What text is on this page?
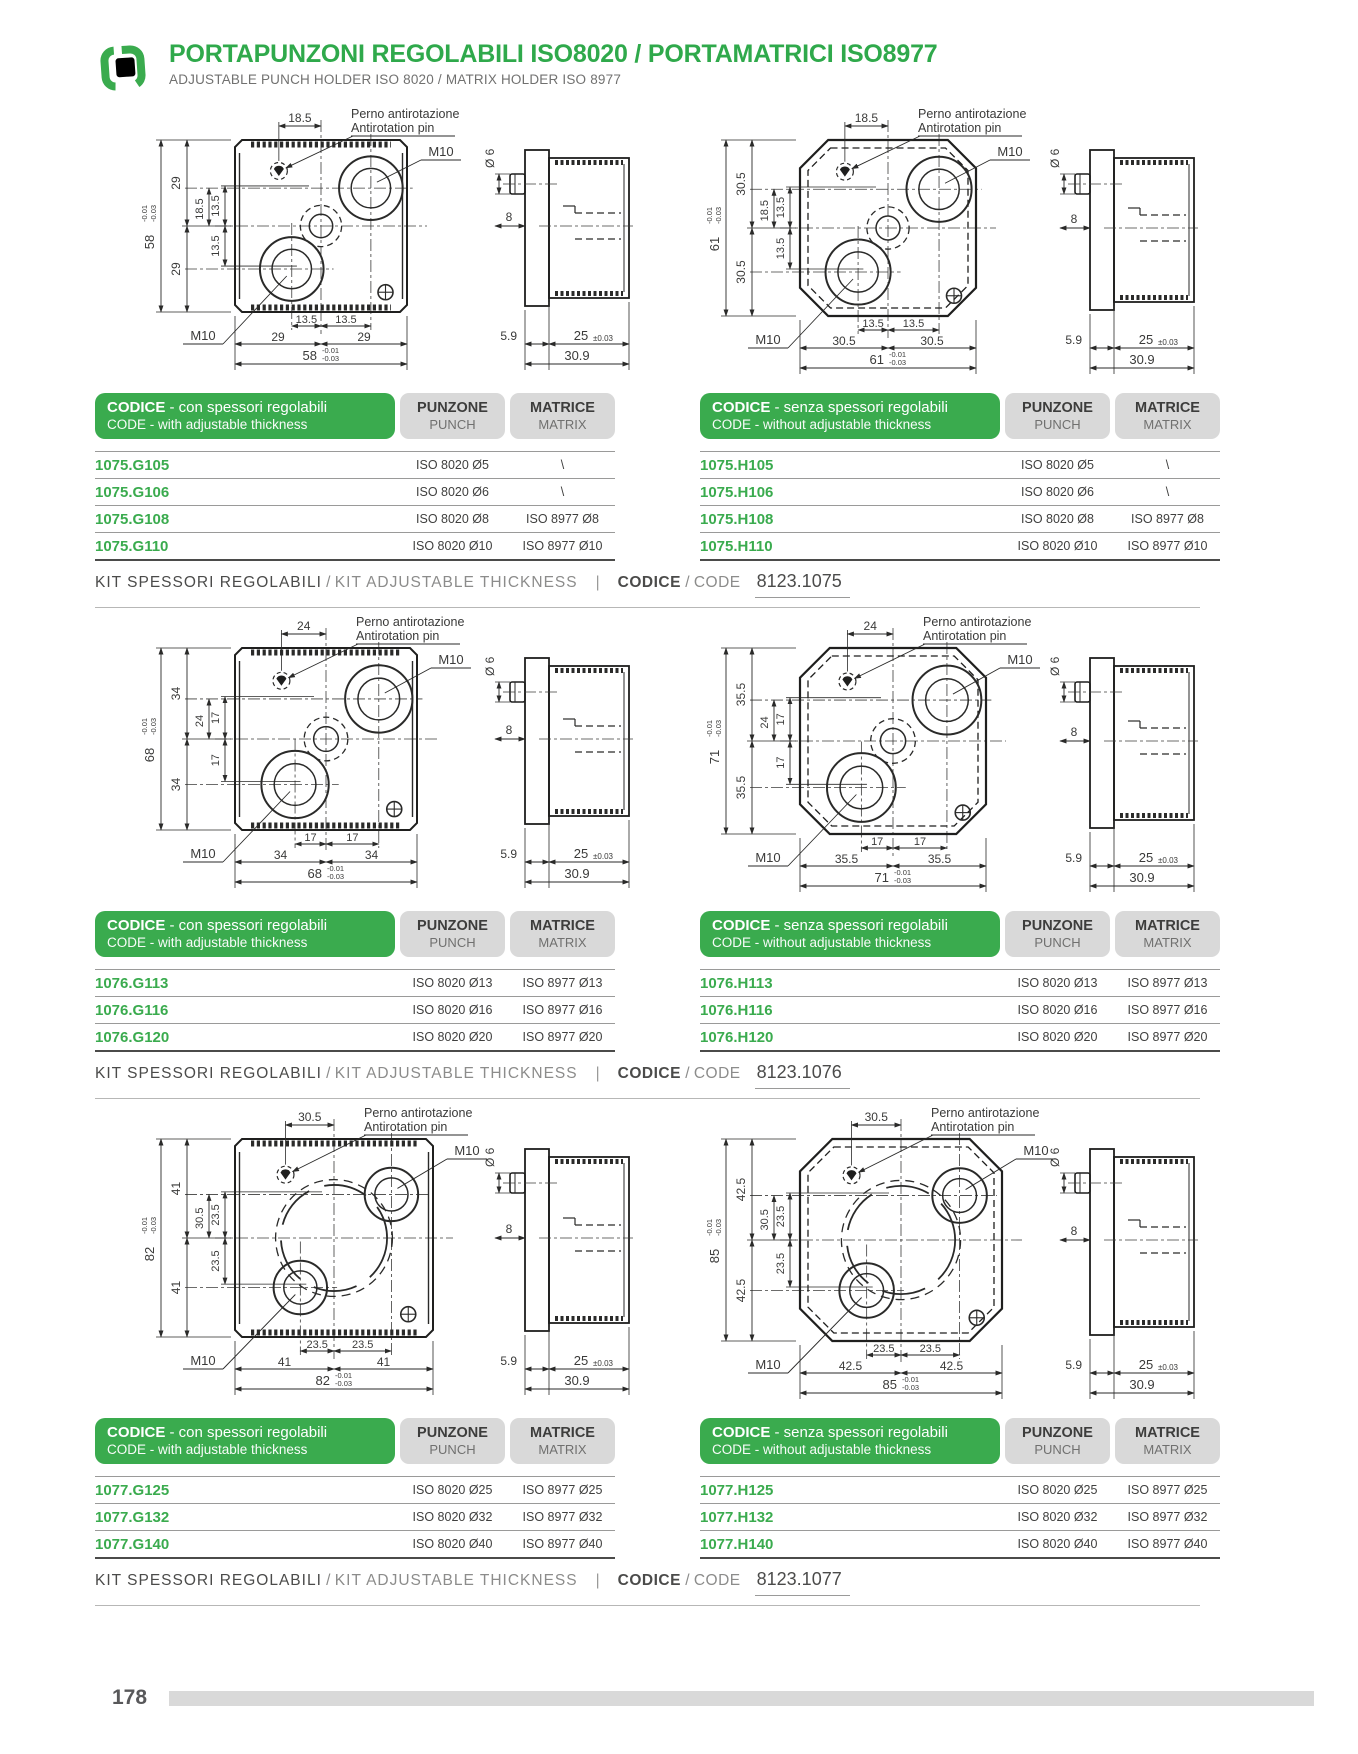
PORTAPUNZONI REGOLABILI ISO8020 / PORTAMATRICI ISO8977
ADJUSTABLE PUNCH HOLDER ISO 8020 / MATRIX HOLDER ISO 8977
58
-0.01 -0.03
29
29
18.5 13.5
13.5
18.5
13.5 13.5
29	29
58 -0.01
-0.03
M10
M10
Perno antirotazione
Antirotation pin
Ø 6
8
5.9	25 ±0.03
30.9
61
-0.01 -0.03
30.5
30.5
18.5 13.5
13.5
18.5
13.5 13.5
30.5	30.5
61 -0.01
-0.03
M10
M10
Perno antirotazione
Antirotation pin
Ø 6
8
5.9	25 ±0.03
30.9
CODICE - con spessori regolabili
CODE - with adjustable thickness
PUNZONE
PUNCH
MATRICE
MATRIX
1075.G105	ISO 8020 Ø5	\
1075.G106	ISO 8020 Ø6	\
1075.G108	ISO 8020 Ø8	ISO 8977 Ø8
1075.G110	ISO 8020 Ø10	ISO 8977 Ø10
CODICE - senza spessori regolabili
CODE - without adjustable thickness
PUNZONE
PUNCH
MATRICE
MATRIX
1075.H105	ISO 8020 Ø5	\
1075.H106	ISO 8020 Ø6	\
1075.H108	ISO 8020 Ø8	ISO 8977 Ø8
1075.H110	ISO 8020 Ø10	ISO 8977 Ø10
KIT SPESSORI REGOLABILI / KIT ADJUSTABLE THICKNESS | CODICE / CODE 8123.1075
68
-0.01 -0.03
34
34
24 17
17
24
17	17
34	34
68 -0.01
-0.03
M10
M10
Perno antirotazione
Antirotation pin
Ø 6
8
5.9	25 ±0.03
30.9
71
-0.01 -0.03
35.5
35.5
24 17
17
24
17	17
35.5	35.5
71 -0.01
-0.03
M10
M10
Perno antirotazione
Antirotation pin
Ø 6
8
5.9	25 ±0.03
30.9
CODICE - con spessori regolabili
CODE - with adjustable thickness
PUNZONE
PUNCH
MATRICE
MATRIX
1076.G113	ISO 8020 Ø13	ISO 8977 Ø13
1076.G116	ISO 8020 Ø16	ISO 8977 Ø16
1076.G120	ISO 8020 Ø20	ISO 8977 Ø20
CODICE - senza spessori regolabili
CODE - without adjustable thickness
PUNZONE
PUNCH
MATRICE
MATRIX
1076.H113	ISO 8020 Ø13	ISO 8977 Ø13
1076.H116	ISO 8020 Ø16	ISO 8977 Ø16
1076.H120	ISO 8020 Ø20	ISO 8977 Ø20
KIT SPESSORI REGOLABILI / KIT ADJUSTABLE THICKNESS | CODICE / CODE 8123.1076
82
-0.01 -0.03
41
41
30.5 23.5
23.5
30.5
23.5 23.5
41	41
82 -0.01
-0.03
M10
M10
Perno antirotazione
Antirotation pin
Ø 6
8
5.9	25 ±0.03
30.9
85
-0.01 -0.03
42.5
42.5
30.5 23.5
23.5
30.5
23.5 23.5
42.5	42.5
85 -0.01
-0.03
M10
M10
Perno antirotazione
Antirotation pin
Ø 6
8
5.9	25 ±0.03
30.9
CODICE - con spessori regolabili
CODE - with adjustable thickness
PUNZONE
PUNCH
MATRICE
MATRIX
1077.G125	ISO 8020 Ø25	ISO 8977 Ø25
1077.G132	ISO 8020 Ø32	ISO 8977 Ø32
1077.G140	ISO 8020 Ø40	ISO 8977 Ø40
CODICE - senza spessori regolabili
CODE - without adjustable thickness
PUNZONE
PUNCH
MATRICE
MATRIX
1077.H125	ISO 8020 Ø25	ISO 8977 Ø25
1077.H132	ISO 8020 Ø32	ISO 8977 Ø32
1077.H140	ISO 8020 Ø40	ISO 8977 Ø40
KIT SPESSORI REGOLABILI / KIT ADJUSTABLE THICKNESS | CODICE / CODE 8123.1077
178
